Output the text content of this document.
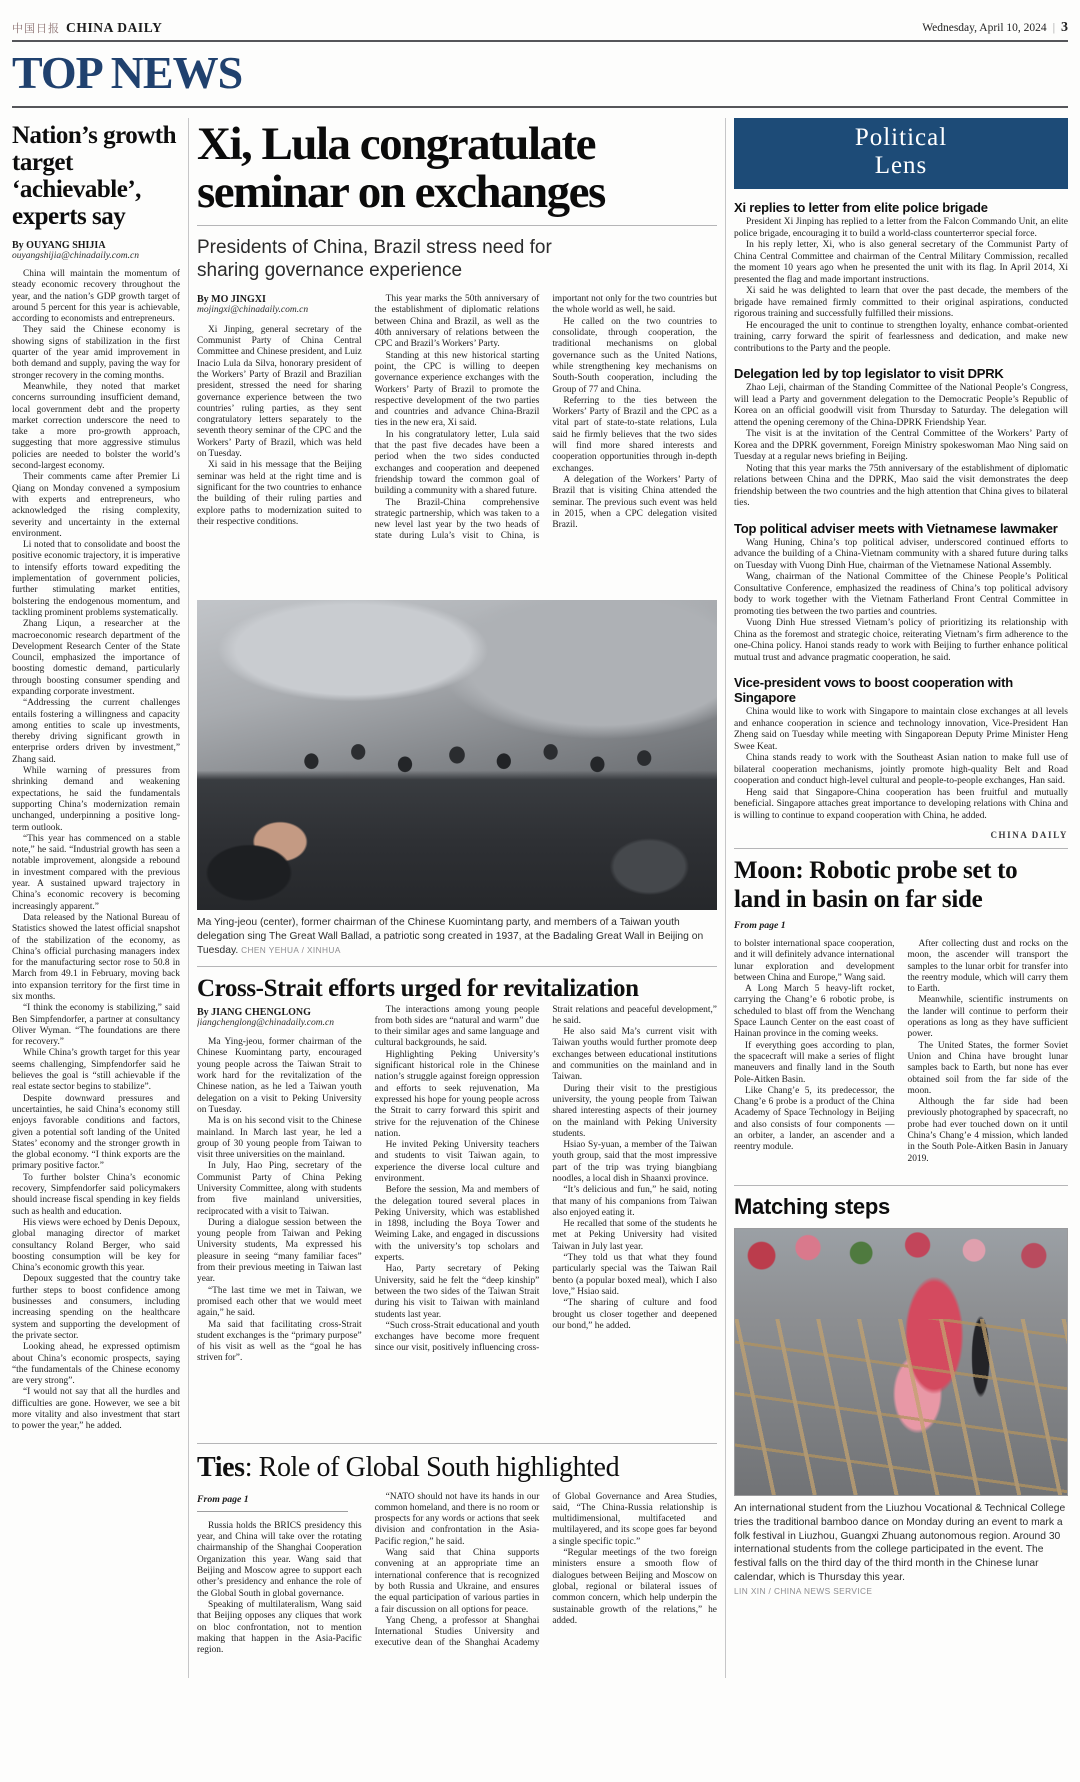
中国日报 CHINA DAILY	Wednesday, April 10, 2024 | 3
TOP NEWS
Nation’s growth target ‘achievable’, experts say

By OUYANG SHIJIA

ouyangshijia@chinadaily.com.cn

China will maintain the momentum of steady economic recovery throughout the year, and the nation’s GDP growth target of around 5 percent for this year is achievable, according to economists and entrepreneurs.

They said the Chinese economy is showing signs of stabilization in the first quarter of the year amid improvement in both demand and supply, paving the way for stronger recovery in the coming months.

Meanwhile, they noted that market concerns surrounding insufficient demand, local government debt and the property market correction underscore the need to take a more pro-growth approach, suggesting that more aggressive stimulus policies are needed to bolster the world’s second-largest economy.

Their comments came after Premier Li Qiang on Monday convened a symposium with experts and entrepreneurs, who acknowledged the rising complexity, severity and uncertainty in the external environment.

Li noted that to consolidate and boost the positive economic trajectory, it is imperative to intensify efforts toward expediting the implementation of government policies, further stimulating market entities, bolstering the endogenous momentum, and tackling prominent problems systematically.

Zhang Liqun, a researcher at the macroeconomic research department of the Development Research Center of the State Council, emphasized the importance of boosting domestic demand, particularly through boosting consumer spending and expanding corporate investment.

“Addressing the current challenges entails fostering a willingness and capacity among entities to scale up investments, thereby driving significant growth in enterprise orders driven by investment,” Zhang said.

While warning of pressures from shrinking demand and weakening expectations, he said the fundamentals supporting China’s modernization remain unchanged, underpinning a positive long-term outlook.

“This year has commenced on a stable note,” he said. “Industrial growth has seen a notable improvement, alongside a rebound in investment compared with the previous year. A sustained upward trajectory in China’s economic recovery is becoming increasingly apparent.”

Data released by the National Bureau of Statistics showed the latest official snapshot of the stabilization of the economy, as China’s official purchasing managers index for the manufacturing sector rose to 50.8 in March from 49.1 in February, moving back into expansion territory for the first time in six months.

“I think the economy is stabilizing,” said Ben Simpfendorfer, a partner at consultancy Oliver Wyman. “The foundations are there for recovery.”

While China’s growth target for this year seems challenging, Simpfendorfer said he believes the goal is “still achievable if the real estate sector begins to stabilize”.

Despite downward pressures and uncertainties, he said China’s economy still enjoys favorable conditions and factors, given a potential soft landing of the United States’ economy and the stronger growth in the global economy. “I think exports are the primary positive factor.”

To further bolster China’s economic recovery, Simpfendorfer said policymakers should increase fiscal spending in key fields such as health and education.

His views were echoed by Denis Depoux, global managing director of market consultancy Roland Berger, who said boosting consumption will be key for China’s economic growth this year.

Depoux suggested that the country take further steps to boost confidence among businesses and consumers, including increasing spending on the healthcare system and supporting the development of the private sector.

Looking ahead, he expressed optimism about China’s economic prospects, saying “the fundamentals of the Chinese economy are very strong”.

“I would not say that all the hurdles and difficulties are gone. However, we see a bit more vitality and also investment that start to power the year,” he added.

Xi, Lula congratulate seminar on exchanges
Presidents of China, Brazil stress need for sharing governance experience

By MO JINGXI

mojingxi@chinadaily.com.cn

Xi Jinping, general secretary of the Communist Party of China Central Committee and Chinese president, and Luiz Inacio Lula da Silva, honorary president of the Workers’ Party of Brazil and Brazilian president, stressed the need for sharing governance experience between the two countries’ ruling parties, as they sent congratulatory letters separately to the seventh theory seminar of the CPC and the Workers’ Party of Brazil, which was held on Tuesday.

Xi said in his message that the Beijing seminar was held at the right time and is significant for the two countries to enhance the building of their ruling parties and explore paths to modernization suited to their respective conditions.

This year marks the 50th anniversary of the establishment of diplomatic relations between China and Brazil, as well as the 40th anniversary of relations between the CPC and Brazil’s Workers’ Party.

Standing at this new historical starting point, the CPC is willing to deepen governance experience exchanges with the Workers’ Party of Brazil to promote the respective development of the two parties and countries and advance China-Brazil ties in the new era, Xi said.

In his congratulatory letter, Lula said that the past five decades have been a period when the two sides conducted exchanges and cooperation and deepened friendship toward the common goal of building a community with a shared future.

The Brazil-China comprehensive strategic partnership, which was taken to a new level last year by the two heads of state during Lula’s visit to China, is important not only for the two countries but the whole world as well, he said.

He called on the two countries to consolidate, through cooperation, the traditional mechanisms on global governance such as the United Nations, while strengthening key mechanisms on South-South cooperation, including the Group of 77 and China.

Referring to the ties between the Workers’ Party of Brazil and the CPC as a vital part of state-to-state relations, Lula said he firmly believes that the two sides will find more shared interests and cooperation opportunities through in-depth exchanges.

A delegation of the Workers’ Party of Brazil that is visiting China attended the seminar. The previous such event was held in 2015, when a CPC delegation visited Brazil.

Ma Ying-jeou (center), former chairman of the Chinese Kuomintang party, and members of a Taiwan youth delegation sing The Great Wall Ballad, a patriotic song created in 1937, at the Badaling Great Wall in Beijing on Tuesday. CHEN YEHUA / XINHUA
Cross-Strait efforts urged for revitalization

By JIANG CHENGLONG

jiangchenglong@chinadaily.com.cn

Ma Ying-jeou, former chairman of the Chinese Kuomintang party, encouraged young people across the Taiwan Strait to work hard for the revitalization of the Chinese nation, as he led a Taiwan youth delegation on a visit to Peking University on Tuesday.

Ma is on his second visit to the Chinese mainland. In March last year, he led a group of 30 young people from Taiwan to visit three universities on the mainland.

In July, Hao Ping, secretary of the Communist Party of China Peking University Committee, along with students from five mainland universities, reciprocated with a visit to Taiwan.

During a dialogue session between the young people from Taiwan and Peking University students, Ma expressed his pleasure in seeing “many familiar faces” from their previous meeting in Taiwan last year.

“The last time we met in Taiwan, we promised each other that we would meet again,” he said.

Ma said that facilitating cross-Strait student exchanges is the “primary purpose” of his visit as well as the “goal he has striven for”.

The interactions among young people from both sides are “natural and warm” due to their similar ages and same language and cultural backgrounds, he said.

Highlighting Peking University’s significant historical role in the Chinese nation’s struggle against foreign oppression and efforts to seek rejuvenation, Ma expressed his hope for young people across the Strait to carry forward this spirit and strive for the rejuvenation of the Chinese nation.

He invited Peking University teachers and students to visit Taiwan again, to experience the diverse local culture and environment.

Before the session, Ma and members of the delegation toured several places in Peking University, which was established in 1898, including the Boya Tower and Weiming Lake, and engaged in discussions with the university’s top scholars and experts.

Hao, Party secretary of Peking University, said he felt the “deep kinship” between the two sides of the Taiwan Strait during his visit to Taiwan with mainland students last year.

“Such cross-Strait educational and youth exchanges have become more frequent since our visit, positively influencing cross-Strait relations and peaceful development,” he said.

He also said Ma’s current visit with Taiwan youths would further promote deep exchanges between educational institutions and communities on the mainland and in Taiwan.

During their visit to the prestigious university, the young people from Taiwan shared interesting aspects of their journey on the mainland with Peking University students.

Hsiao Sy-yuan, a member of the Taiwan youth group, said that the most impressive part of the trip was trying biangbiang noodles, a local dish in Shaanxi province.

“It’s delicious and fun,” he said, noting that many of his companions from Taiwan also enjoyed eating it.

He recalled that some of the students he met at Peking University had visited Taiwan in July last year.

“They told us that what they found particularly special was the Taiwan Rail bento (a popular boxed meal), which I also love,” Hsiao said.

“The sharing of culture and food brought us closer together and deepened our bond,” he added.

Ties: Role of Global South highlighted

From page 1

Russia holds the BRICS presidency this year, and China will take over the rotating chairmanship of the Shanghai Cooperation Organization this year. Wang said that Beijing and Moscow agree to support each other’s presidency and enhance the role of the Global South in global governance.

Speaking of multilateralism, Wang said that Beijing opposes any cliques that work on bloc confrontation, not to mention making that happen in the Asia-Pacific region.

“NATO should not have its hands in our common homeland, and there is no room or prospects for any words or actions that seek division and confrontation in the Asia-Pacific region,” he said.

Wang said that China supports convening at an appropriate time an international conference that is recognized by both Russia and Ukraine, and ensures the equal participation of various parties in a fair discussion on all options for peace.

Yang Cheng, a professor at Shanghai International Studies University and executive dean of the Shanghai Academy of Global Governance and Area Studies, said, “The China-Russia relationship is multidimensional, multifaceted and multilayered, and its scope goes far beyond a single specific topic.”

“Regular meetings of the two foreign ministers ensure a smooth flow of dialogues between Beijing and Moscow on global, regional or bilateral issues of common concern, which help underpin the sustainable growth of the relations,” he added.

Political
Lens
Xi replies to letter from elite police brigade

President Xi Jinping has replied to a letter from the Falcon Commando Unit, an elite police brigade, encouraging it to build a world-class counterterror special force.

In his reply letter, Xi, who is also general secretary of the Communist Party of China Central Committee and chairman of the Central Military Commission, recalled the moment 10 years ago when he presented the unit with its flag. In April 2014, Xi presented the flag and made important instructions.

Xi said he was delighted to learn that over the past decade, the members of the brigade have remained firmly committed to their original aspirations, conducted rigorous training and successfully fulfilled their missions.

He encouraged the unit to continue to strengthen loyalty, enhance combat-oriented training, carry forward the spirit of fearlessness and dedication, and make new contributions to the Party and the people.

Delegation led by top legislator to visit DPRK

Zhao Leji, chairman of the Standing Committee of the National People’s Congress, will lead a Party and government delegation to the Democratic People’s Republic of Korea on an official goodwill visit from Thursday to Saturday. The delegation will attend the opening ceremony of the China-DPRK Friendship Year.

The visit is at the invitation of the Central Committee of the Workers’ Party of Korea and the DPRK government, Foreign Ministry spokeswoman Mao Ning said on Tuesday at a regular news briefing in Beijing.

Noting that this year marks the 75th anniversary of the establishment of diplomatic relations between China and the DPRK, Mao said the visit demonstrates the deep friendship between the two countries and the high attention that China gives to bilateral ties.

Top political adviser meets with Vietnamese lawmaker

Wang Huning, China’s top political adviser, underscored continued efforts to advance the building of a China-Vietnam community with a shared future during talks on Tuesday with Vuong Dinh Hue, chairman of the Vietnamese National Assembly.

Wang, chairman of the National Committee of the Chinese People’s Political Consultative Conference, emphasized the readiness of China’s top political advisory body to work together with the Vietnam Fatherland Front Central Committee in promoting ties between the two parties and countries.

Vuong Dinh Hue stressed Vietnam’s policy of prioritizing its relationship with China as the foremost and strategic choice, reiterating Vietnam’s firm adherence to the one-China policy. Hanoi stands ready to work with Beijing to further enhance political mutual trust and advance pragmatic cooperation, he said.

Vice-president vows to boost cooperation with Singapore

China would like to work with Singapore to maintain close exchanges at all levels and enhance cooperation in science and technology innovation, Vice-President Han Zheng said on Tuesday while meeting with Singaporean Deputy Prime Minister Heng Swee Keat.

China stands ready to work with the Southeast Asian nation to make full use of bilateral cooperation mechanisms, jointly promote high-quality Belt and Road cooperation and conduct high-level cultural and people-to-people exchanges, Han said.

Heng said that Singapore-China cooperation has been fruitful and mutually beneficial. Singapore attaches great importance to developing relations with China and is willing to continue to expand cooperation with China, he added.

CHINA DAILY
Moon: Robotic probe set to land in basin on far side

From page 1

to bolster international space cooperation, and it will definitely advance international lunar exploration and development between China and Europe,” Wang said.

A Long March 5 heavy-lift rocket, carrying the Chang’e 6 robotic probe, is scheduled to blast off from the Wenchang Space Launch Center on the east coast of Hainan province in the coming weeks.

If everything goes according to plan, the spacecraft will make a series of flight maneuvers and finally land in the South Pole-Aitken Basin.

Like Chang’e 5, its predecessor, the Chang’e 6 probe is a product of the China Academy of Space Technology in Beijing and also consists of four components — an orbiter, a lander, an ascender and a reentry module.

After collecting dust and rocks on the moon, the ascender will transport the samples to the lunar orbit for transfer into the reentry module, which will carry them to Earth.

Meanwhile, scientific instruments on the lander will continue to perform their operations as long as they have sufficient power.

The United States, the former Soviet Union and China have brought lunar samples back to Earth, but none has ever obtained soil from the far side of the moon.

Although the far side had been previously photographed by spacecraft, no probe had ever touched down on it until China’s Chang’e 4 mission, which landed in the South Pole-Aitken Basin in January 2019.

Matching steps
An international student from the Liuzhou Vocational & Technical College tries the traditional bamboo dance on Monday during an event to mark a folk festival in Liuzhou, Guangxi Zhuang autonomous region. Around 30 international students from the college participated in the event. The festival falls on the third day of the third month in the Chinese lunar calendar, which is Thursday this year.
LIN XIN / CHINA NEWS SERVICE
